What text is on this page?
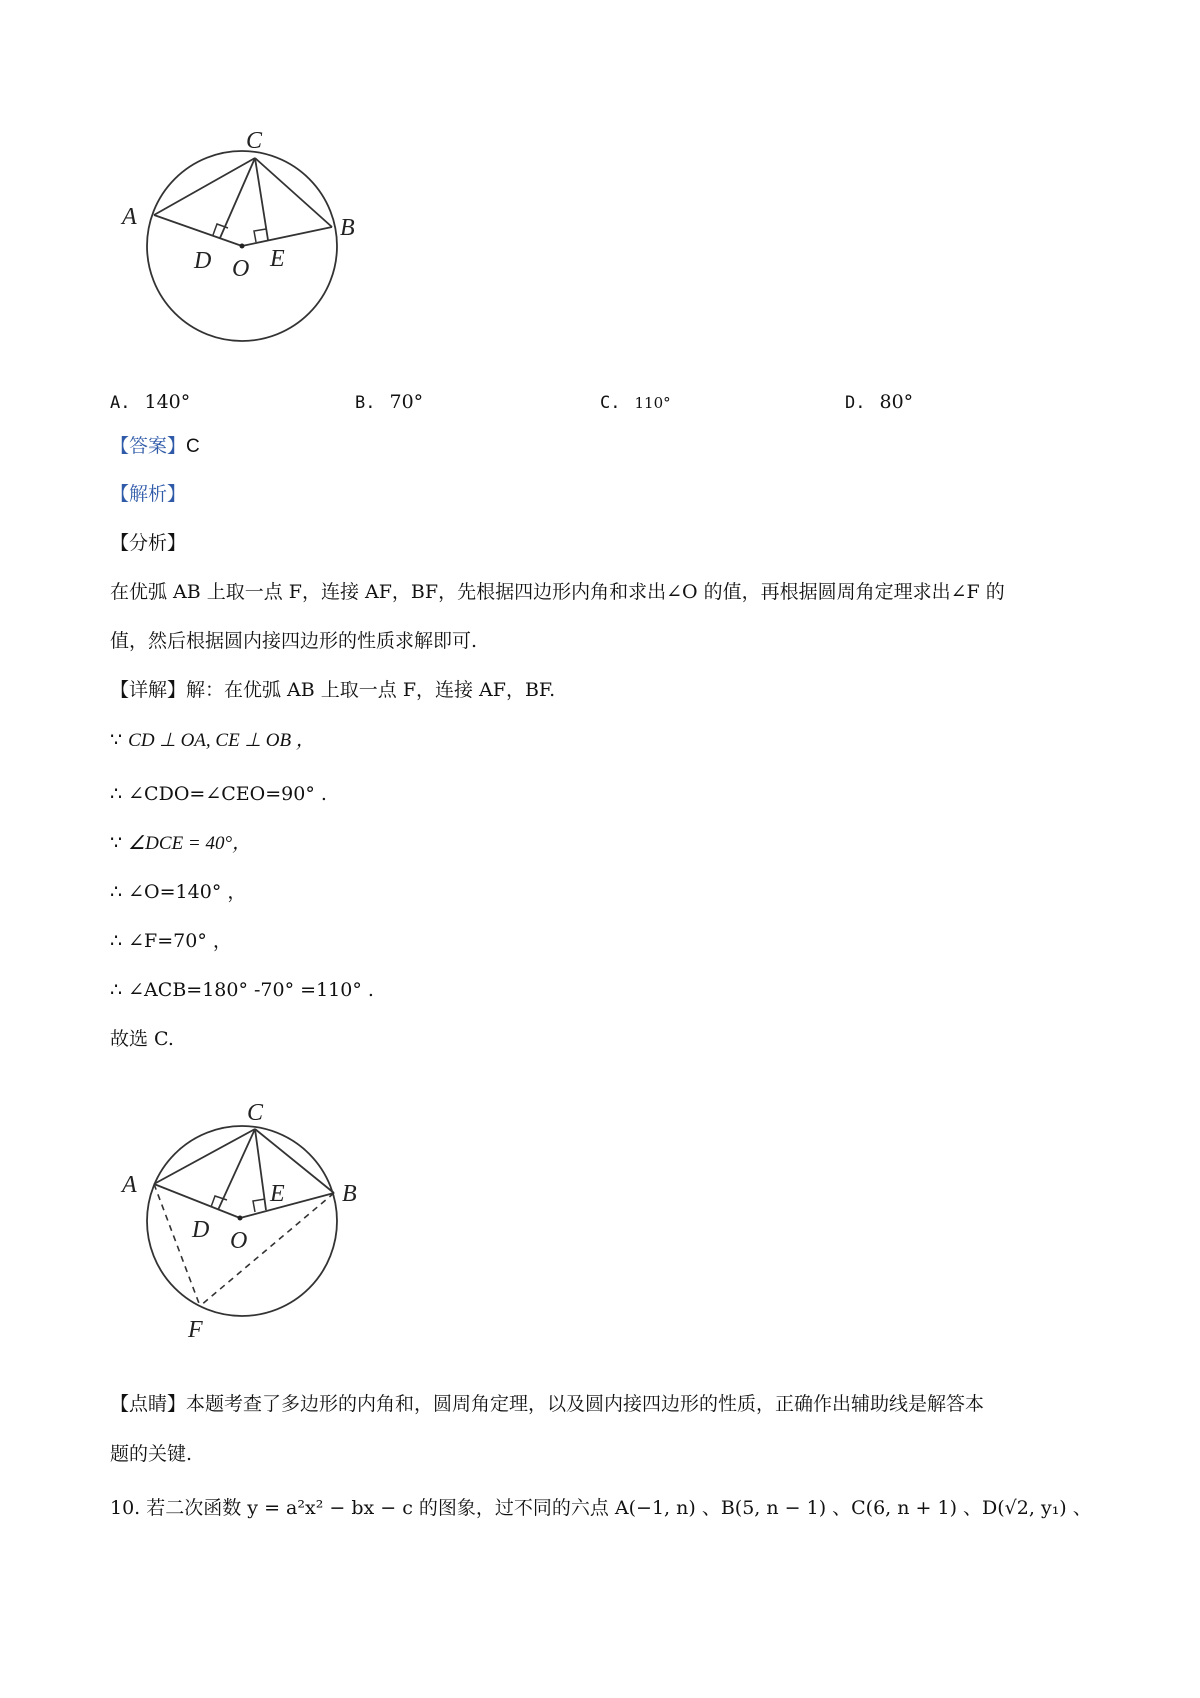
C
A	B
D O E
A. 140°	B. 70°	C. 110°	D. 80°
【答案】C
【解析】
【分析】
在优弧 AB 上取一点 F，连接 AF，BF，先根据四边形内角和求出∠O 的值，再根据圆周角定理求出∠F 的
值，然后根据圆内接四边形的性质求解即可.
【详解】解：在优弧 AB 上取一点 F，连接 AF，BF.
∵ CD ⊥ OA, CE ⊥ OB ，
∴ ∠CDO=∠CEO=90° .
∵ ∠DCE = 40°，
∴ ∠O=140° ，
∴ ∠F=70° ，
∴ ∠ACB=180° -70° =110° .
故选 C.
C
A	B
D O
E
F
【点睛】本题考查了多边形的内角和，圆周角定理，以及圆内接四边形的性质，正确作出辅助线是解答本
题的关键.
10. 若二次函数 y = a²x² − bx − c 的图象，过不同的六点 A(−1, n) 、B(5, n − 1) 、C(6, n + 1) 、D(√2, y₁) 、
